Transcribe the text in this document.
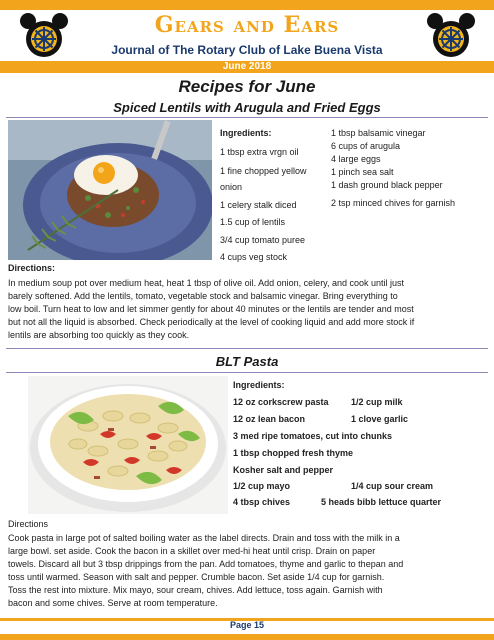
Gears and Ears
Journal of The Rotary Club of Lake Buena Vista
June 2018
Recipes for June
Spiced Lentils with Arugula and Fried Eggs
Ingredients:
1 tbsp extra vrgn oil
1 fine chopped yellow
onion
1 celery stalk diced
1.5 cup of lentils
3/4 cup tomato puree
4 cups veg stock
1 tbsp balsamic vinegar
6 cups of arugula
4 large eggs
1 pinch sea salt
1 dash ground black pepper
2 tsp minced chives for garnish
Directions:
In medium soup pot over medium heat, heat 1 tbsp of olive oil. Add onion, celery, and cook until just
barely softened. Add the lentils, tomato, vegetable stock and balsamic vinegar. Bring everything to
low boil. Turn heat to low and let simmer gently for about 40 minutes or the lentils are tender and most
but not all the liquid is absorbed. Check periodically at the level of cooking liquid and add more stock if
lentils are absorbing too quickly as they cook.
BLT Pasta
Ingredients:
12 oz corkscrew pasta 1/2 cup milk
12 oz lean bacon	1 clove garlic
3 med ripe tomatoes, cut into chunks
1 tbsp chopped fresh thyme
Kosher salt and pepper
1/2 cup mayo	1/4 cup sour cream
4 tbsp chives	5 heads bibb lettuce quarter
Directions
Cook pasta in large pot of salted boiling water as the label directs. Drain and toss with the milk in a
large bowl. set aside. Cook the bacon in a skillet over med-hi heat until crisp. Drain on paper
towels. Discard all but 3 tbsp drippings from the pan. Add tomatoes, thyme and garlic to thepan and
toss until warmed. Season with salt and pepper. Crumble bacon. Set aside 1/4 cup for garnish.
Toss the rest into mixture. Mix mayo, sour cream, chives. Add lettuce, toss again. Garnish with
bacon and some chives. Serve at room temperature.
Page 15
